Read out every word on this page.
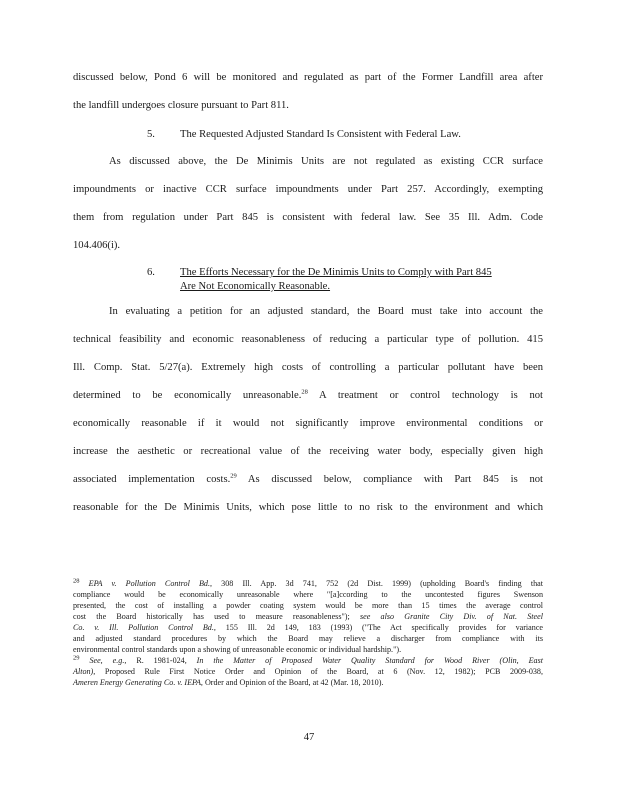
discussed below, Pond 6 will be monitored and regulated as part of the Former Landfill area after
the landfill undergoes closure pursuant to Part 811.

5. The Requested Adjusted Standard Is Consistent with Federal Law.

As discussed above, the De Minimis Units are not regulated as existing CCR surface
impoundments or inactive CCR surface impoundments under Part 257. Accordingly, exempting
them from regulation under Part 845 is consistent with federal law. See 35 Ill. Adm. Code
104.406(i).

6. The Efforts Necessary for the De Minimis Units to Comply with Part 845
Are Not Economically Reasonable.

In evaluating a petition for an adjusted standard, the Board must take into account the
technical feasibility and economic reasonableness of reducing a particular type of pollution. 415
Ill. Comp. Stat. 5/27(a). Extremely high costs of controlling a particular pollutant have been
determined to be economically unreasonable.$^{28}$ A treatment or control technology is not
economically reasonable if it would not significantly improve environmental conditions or
increase the aesthetic or recreational value of the receiving water body, especially given high
associated implementation costs.$^{29}$ As discussed below, compliance with Part 845 is not
reasonable for the De Minimis Units, which pose little to no risk to the environment and which

$^{28}$ EPA v. Pollution Control Bd., 308 Ill. App. 3d 741, 752 (2d Dist. 1999) (upholding Board's finding that
compliance would be economically unreasonable where "[a]ccording to the uncontested figures Swenson
presented, the cost of installing a powder coating system would be more than 15 times the average control
cost the Board historically has used to measure reasonableness"); see also Granite City Div. of Nat. Steel
Co. v. Ill. Pollution Control Bd., 155 Ill. 2d 149, 183 (1993) ("The Act specifically provides for variance
and adjusted standard procedures by which the Board may relieve a discharger from compliance with its
environmental control standards upon a showing of unreasonable economic or individual hardship.").
$^{29}$ See, e.g., R. 1981-024, In the Matter of Proposed Water Quality Standard for Wood River (Olin, East
Alton), Proposed Rule First Notice Order and Opinion of the Board, at 6 (Nov. 12, 1982); PCB 2009-038,
Ameren Energy Generating Co. v. IEPA, Order and Opinion of the Board, at 42 (Mar. 18, 2010).
47
